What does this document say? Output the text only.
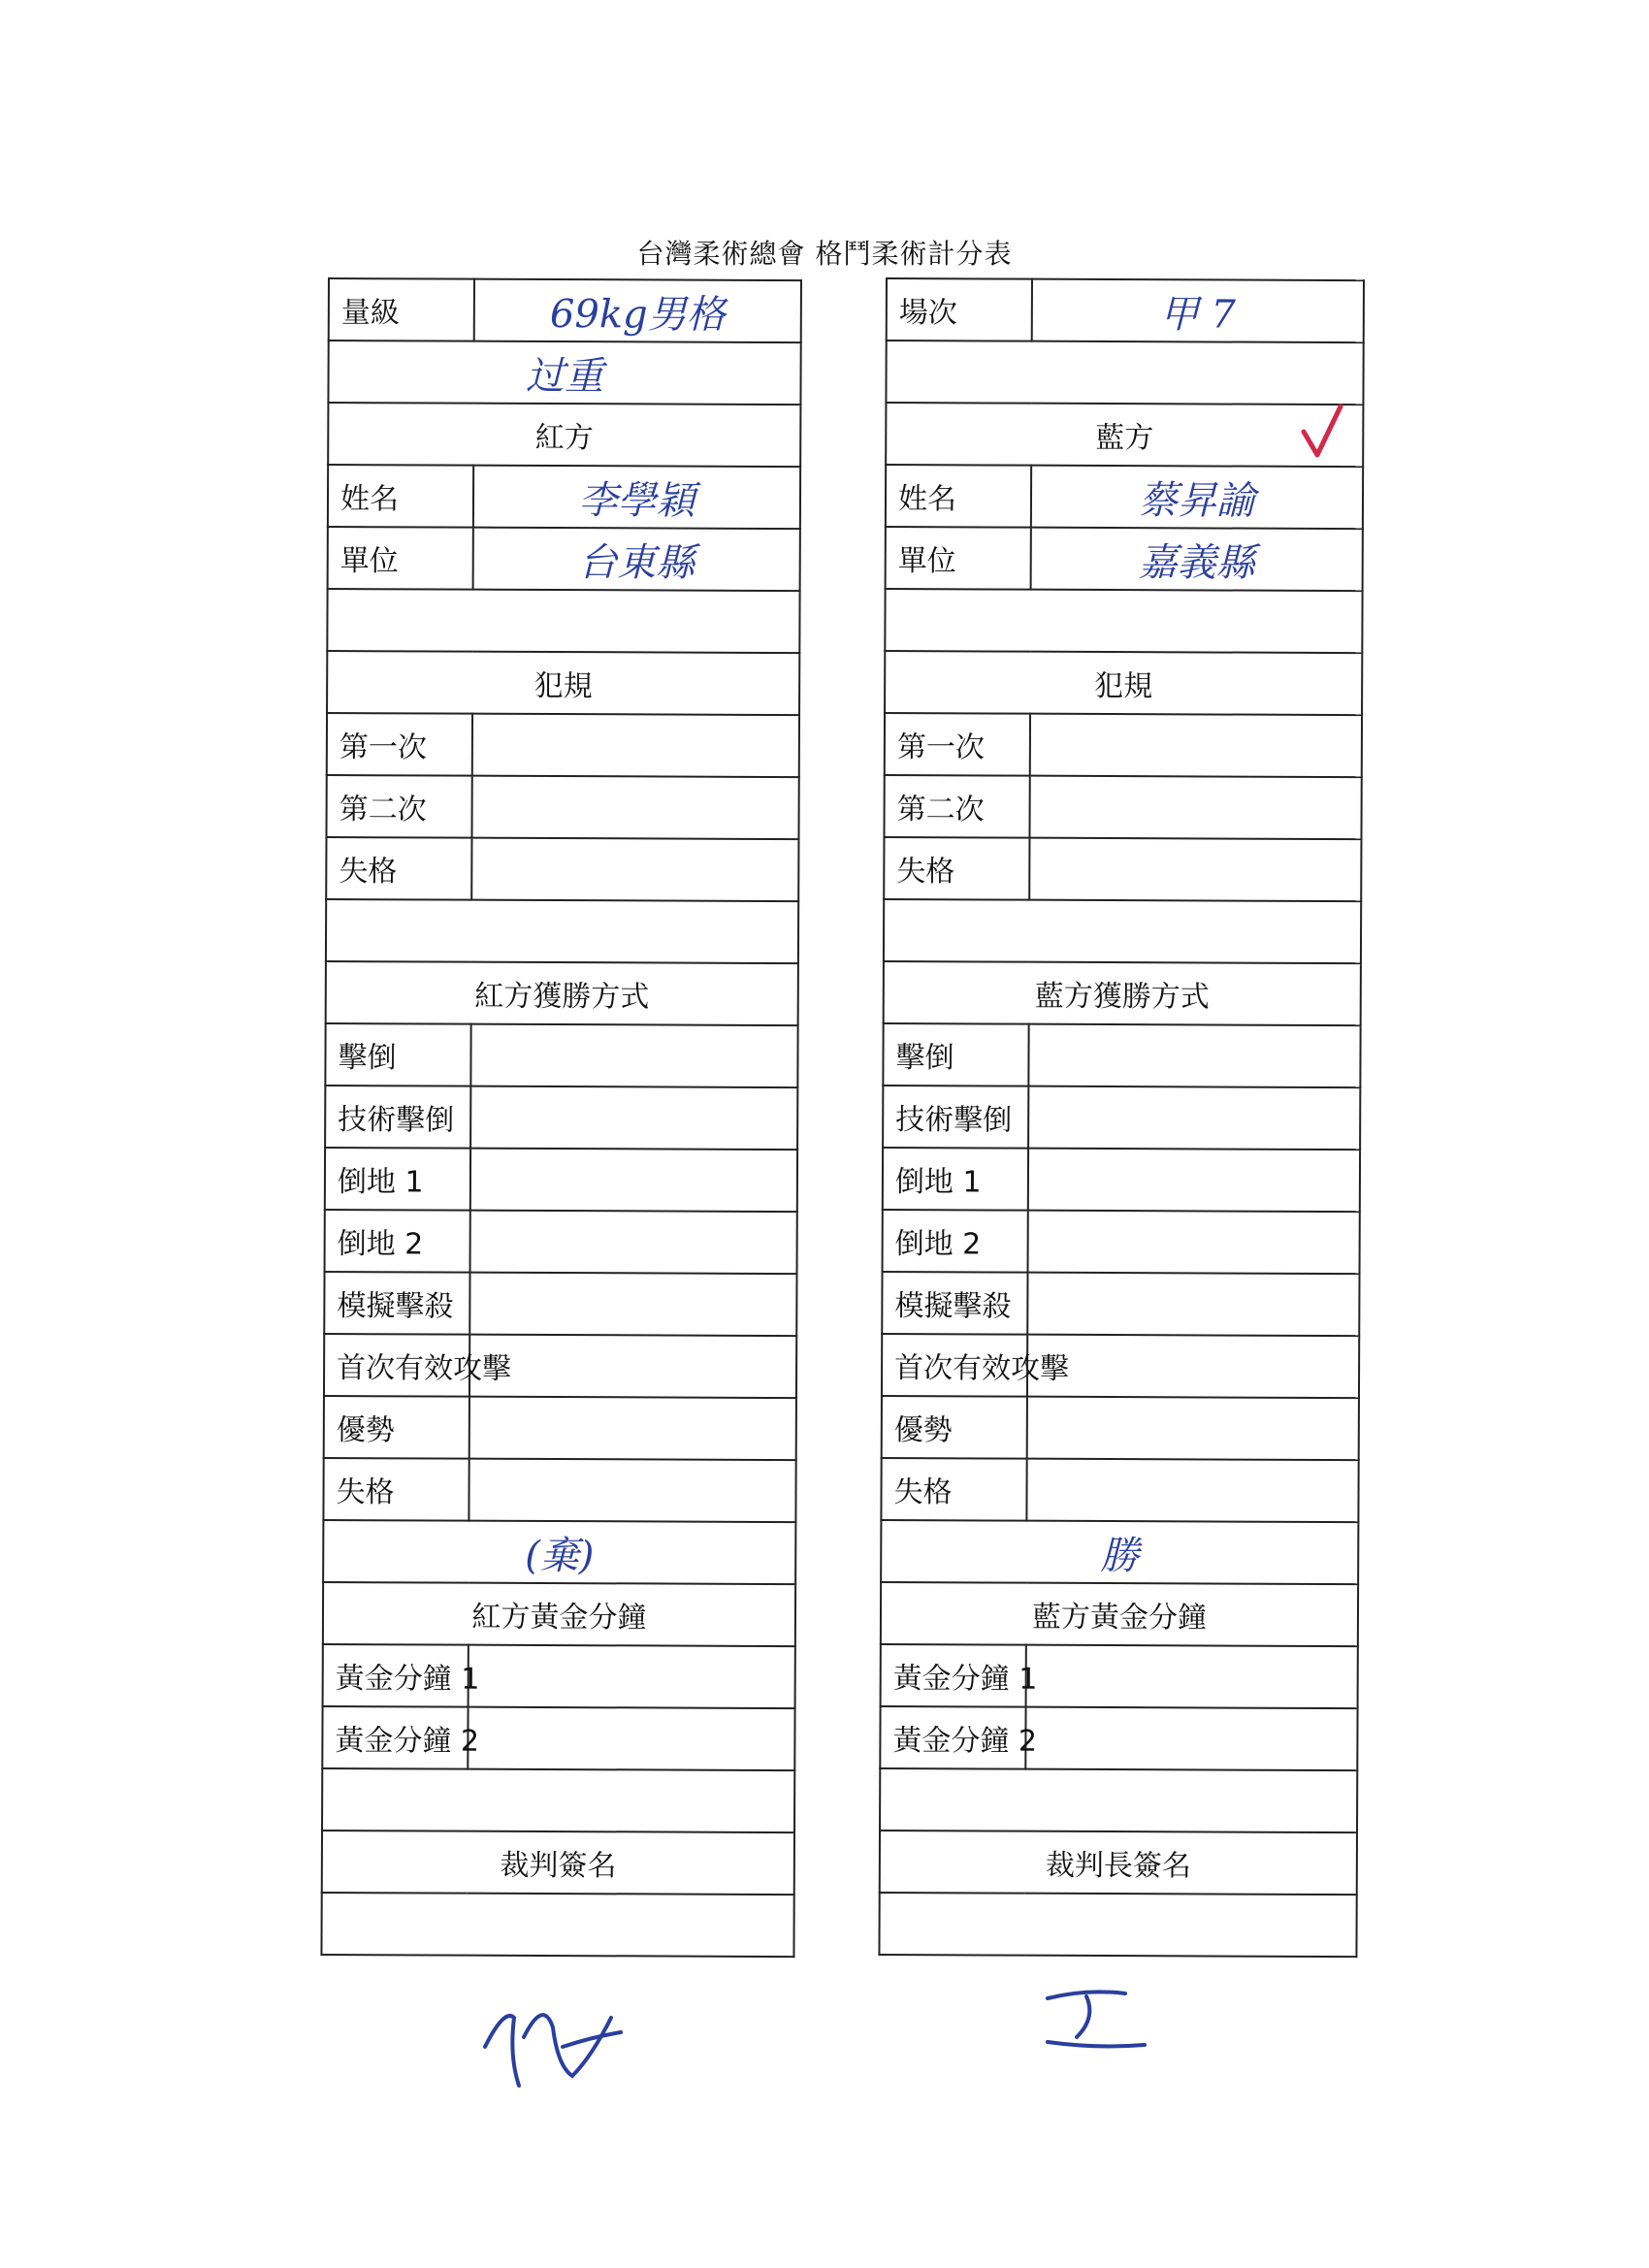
台灣柔術總會 格鬥柔術計分表
量級	69kg男格
过重	
紅方	
姓名	李學穎
單位	台東縣

犯規	
第一次	
第二次	
失格	

紅方獲勝方式	
擊倒	
技術擊倒	
倒地 1	
倒地 2	
模擬擊殺	
首次有效攻擊	
優勢	
失格	
(棄)	
紅方黃金分鐘	
黃金分鐘 1	
黃金分鐘 2	

裁判簽名	

場次	甲 7

藍方	
姓名	蔡昇諭
單位	嘉義縣

犯規	
第一次	
第二次	
失格	

藍方獲勝方式	
擊倒	
技術擊倒	
倒地 1	
倒地 2	
模擬擊殺	
首次有效攻擊	
優勢	
失格	
勝	
藍方黃金分鐘	
黃金分鐘 1	
黃金分鐘 2	

裁判長簽名	
